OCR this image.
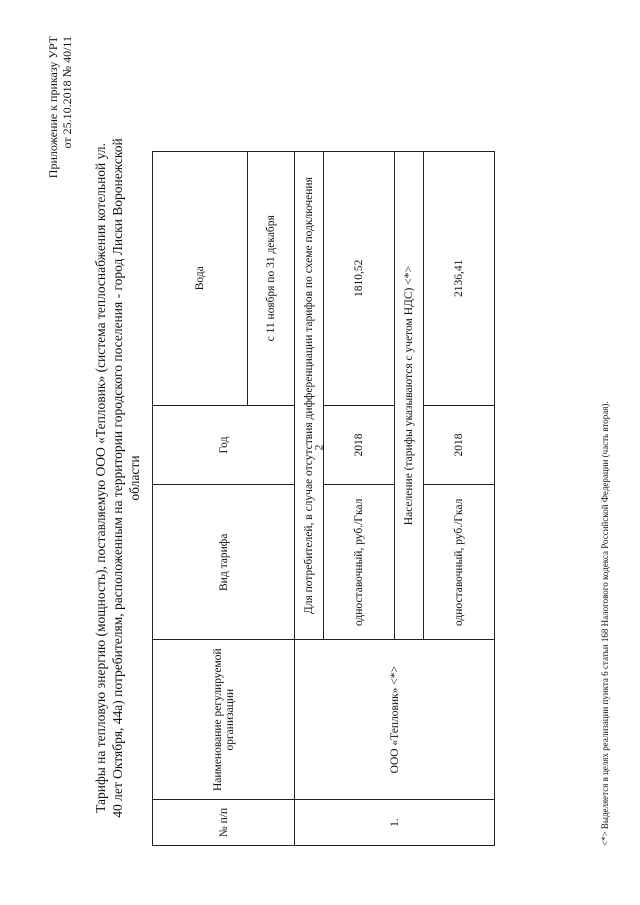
2
Приложение к приказу УРТ от 25.10.2018 № 40/11
Тарифы на тепловую энергию (мощность), поставляемую ООО «Тепловик» (система теплоснабжения котельной ул. 40 лет Октября, 44а) потребителям, расположенным на территории городского поселения - город Лиски Воронежской области
№ п/п	Наименование регулируемой организации	Вид тарифа	Год	Вода
				с 11 ноября по 31 декабря
1.	ООО «Тепловик» <*>	Для потребителей, в случае отсутствия дифференциации тарифов по схеме подключения		
		одноставочный, руб./Гкал	2018	1810,52
		Население (тарифы указываются с учетом НДС) <*>		
		одноставочный, руб./Гкал	2018	2136,41
<*> Выделяется в целях реализации пункта 6 статьи 168 Налогового кодекса Российской Федерации (часть вторая).
